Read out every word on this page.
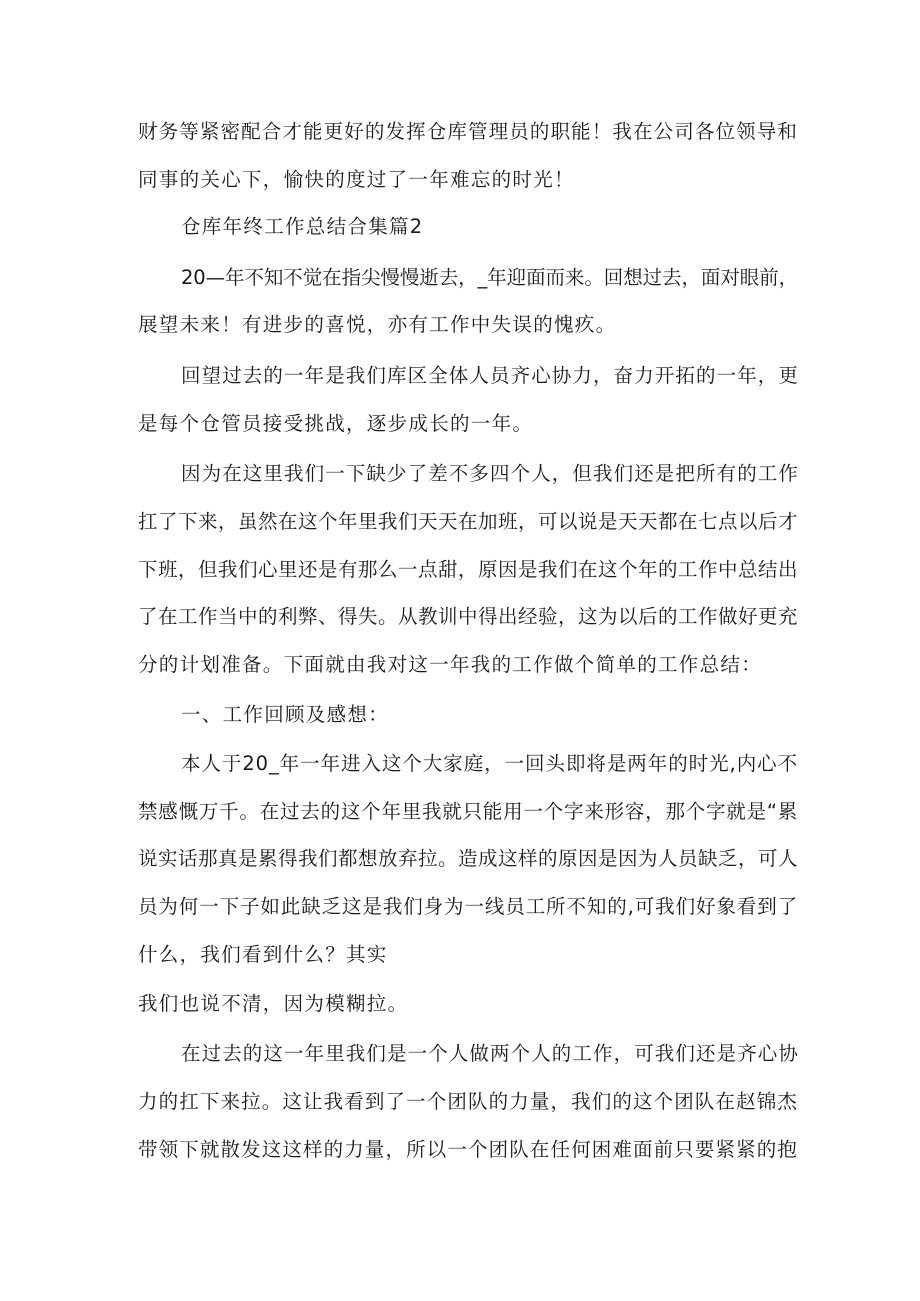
财务等紧密配合才能更好的发挥仓库管理员的职能！我在公司各位领导和
同事的关心下，愉快的度过了一年难忘的时光！
仓库年终工作总结合集篇2
20—年不知不觉在指尖慢慢逝去，_年迎面而来。回想过去，面对眼前，
展望未来！有进步的喜悦，亦有工作中失误的愧疚。
回望过去的一年是我们库区全体人员齐心协力，奋力开拓的一年，更
是每个仓管员接受挑战，逐步成长的一年。
因为在这里我们一下缺少了差不多四个人，但我们还是把所有的工作
扛了下来，虽然在这个年里我们天天在加班，可以说是天天都在七点以后才
下班，但我们心里还是有那么一点甜，原因是我们在这个年的工作中总结出
了在工作当中的利弊、得失。从教训中得出经验，这为以后的工作做好更充
分的计划准备。下面就由我对这一年我的工作做个简单的工作总结：
一、工作回顾及感想：
本人于20_年一年进入这个大家庭，一回头即将是两年的时光,内心不
禁感慨万千。在过去的这个年里我就只能用一个字来形容，那个字就是“累
说实话那真是累得我们都想放弃拉。造成这样的原因是因为人员缺乏，可人
员为何一下子如此缺乏这是我们身为一线员工所不知的,可我们好象看到了
什么，我们看到什么？其实
我们也说不清，因为模糊拉。
在过去的这一年里我们是一个人做两个人的工作，可我们还是齐心协
力的扛下来拉。这让我看到了一个团队的力量，我们的这个团队在赵锦杰
带领下就散发这这样的力量，所以一个团队在任何困难面前只要紧紧的抱
